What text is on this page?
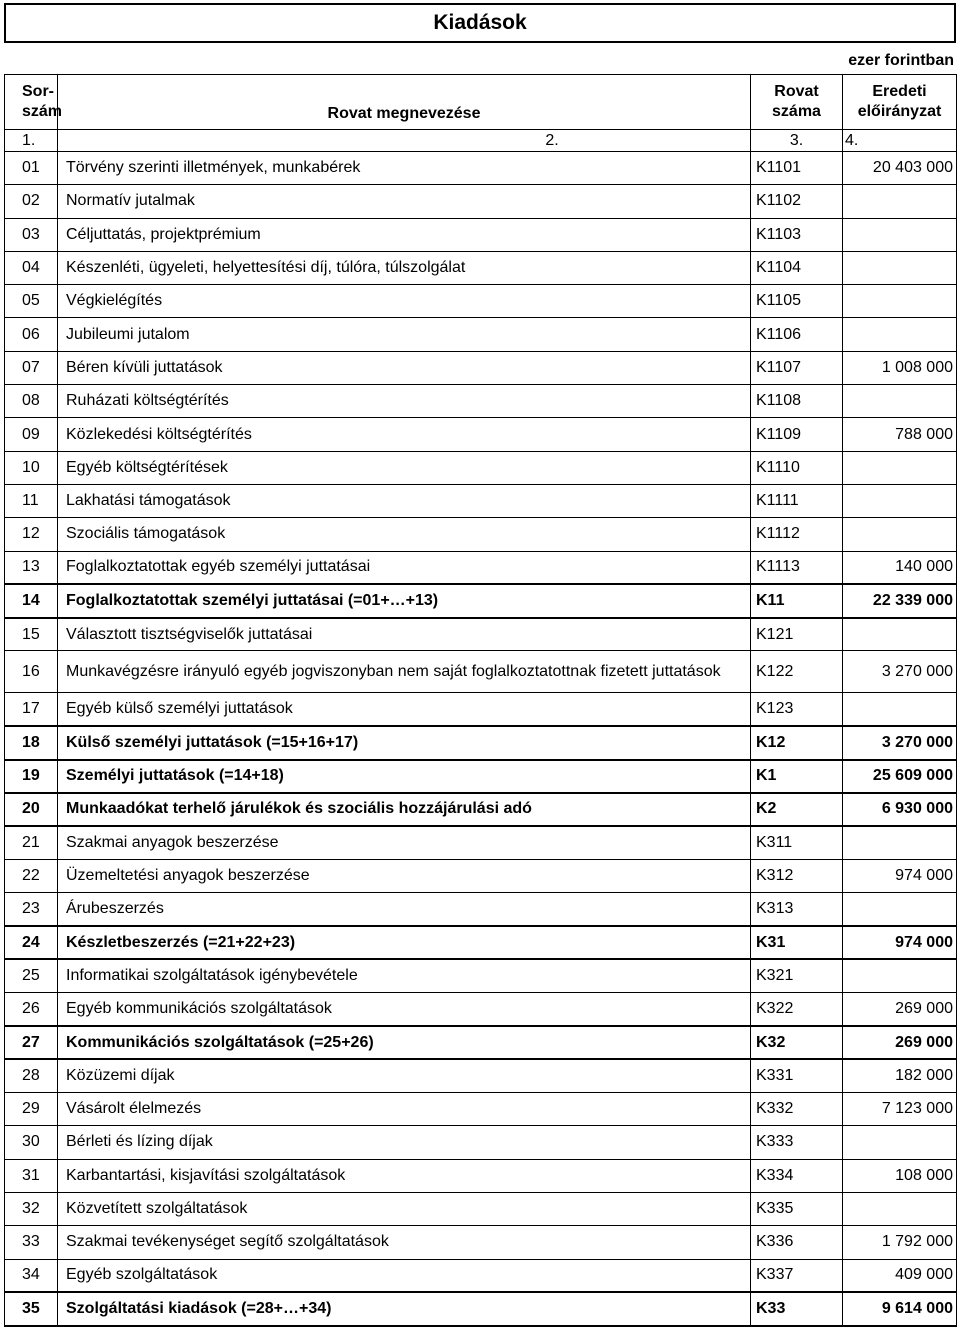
Kiadások
ezer forintban
Sor-
szám	Rovat megnevezése	Rovat
száma	Eredeti
előirányzat
1.	2.	3.	4.
01	Törvény szerinti illetmények, munkabérek	K1101	20 403 000
02	Normatív jutalmak	K1102	
03	Céljuttatás, projektprémium	K1103	
04	Készenléti, ügyeleti, helyettesítési díj, túlóra, túlszolgálat	K1104	
05	Végkielégítés	K1105	
06	Jubileumi jutalom	K1106	
07	Béren kívüli juttatások	K1107	1 008 000
08	Ruházati költségtérítés	K1108	
09	Közlekedési költségtérítés	K1109	788 000
10	Egyéb költségtérítések	K1110	
11	Lakhatási támogatások	K1111	
12	Szociális támogatások	K1112	
13	Foglalkoztatottak egyéb személyi juttatásai	K1113	140 000
14	Foglalkoztatottak személyi juttatásai (=01+…+13)	K11	22 339 000
15	Választott tisztségviselők juttatásai	K121	
16	Munkavégzésre irányuló egyéb jogviszonyban nem saját foglalkoztatottnak fizetett juttatások	K122	3 270 000
17	Egyéb külső személyi juttatások	K123	
18	Külső személyi juttatások (=15+16+17)	K12	3 270 000
19	Személyi juttatások (=14+18)	K1	25 609 000
20	Munkaadókat terhelő járulékok és szociális hozzájárulási adó	K2	6 930 000
21	Szakmai anyagok beszerzése	K311	
22	Üzemeltetési anyagok beszerzése	K312	974 000
23	Árubeszerzés	K313	
24	Készletbeszerzés (=21+22+23)	K31	974 000
25	Informatikai szolgáltatások igénybevétele	K321	
26	Egyéb kommunikációs szolgáltatások	K322	269 000
27	Kommunikációs szolgáltatások (=25+26)	K32	269 000
28	Közüzemi díjak	K331	182 000
29	Vásárolt élelmezés	K332	7 123 000
30	Bérleti és lízing díjak	K333	
31	Karbantartási, kisjavítási szolgáltatások	K334	108 000
32	Közvetített szolgáltatások	K335	
33	Szakmai tevékenységet segítő szolgáltatások	K336	1 792 000
34	Egyéb szolgáltatások	K337	409 000
35	Szolgáltatási kiadások (=28+…+34)	K33	9 614 000
